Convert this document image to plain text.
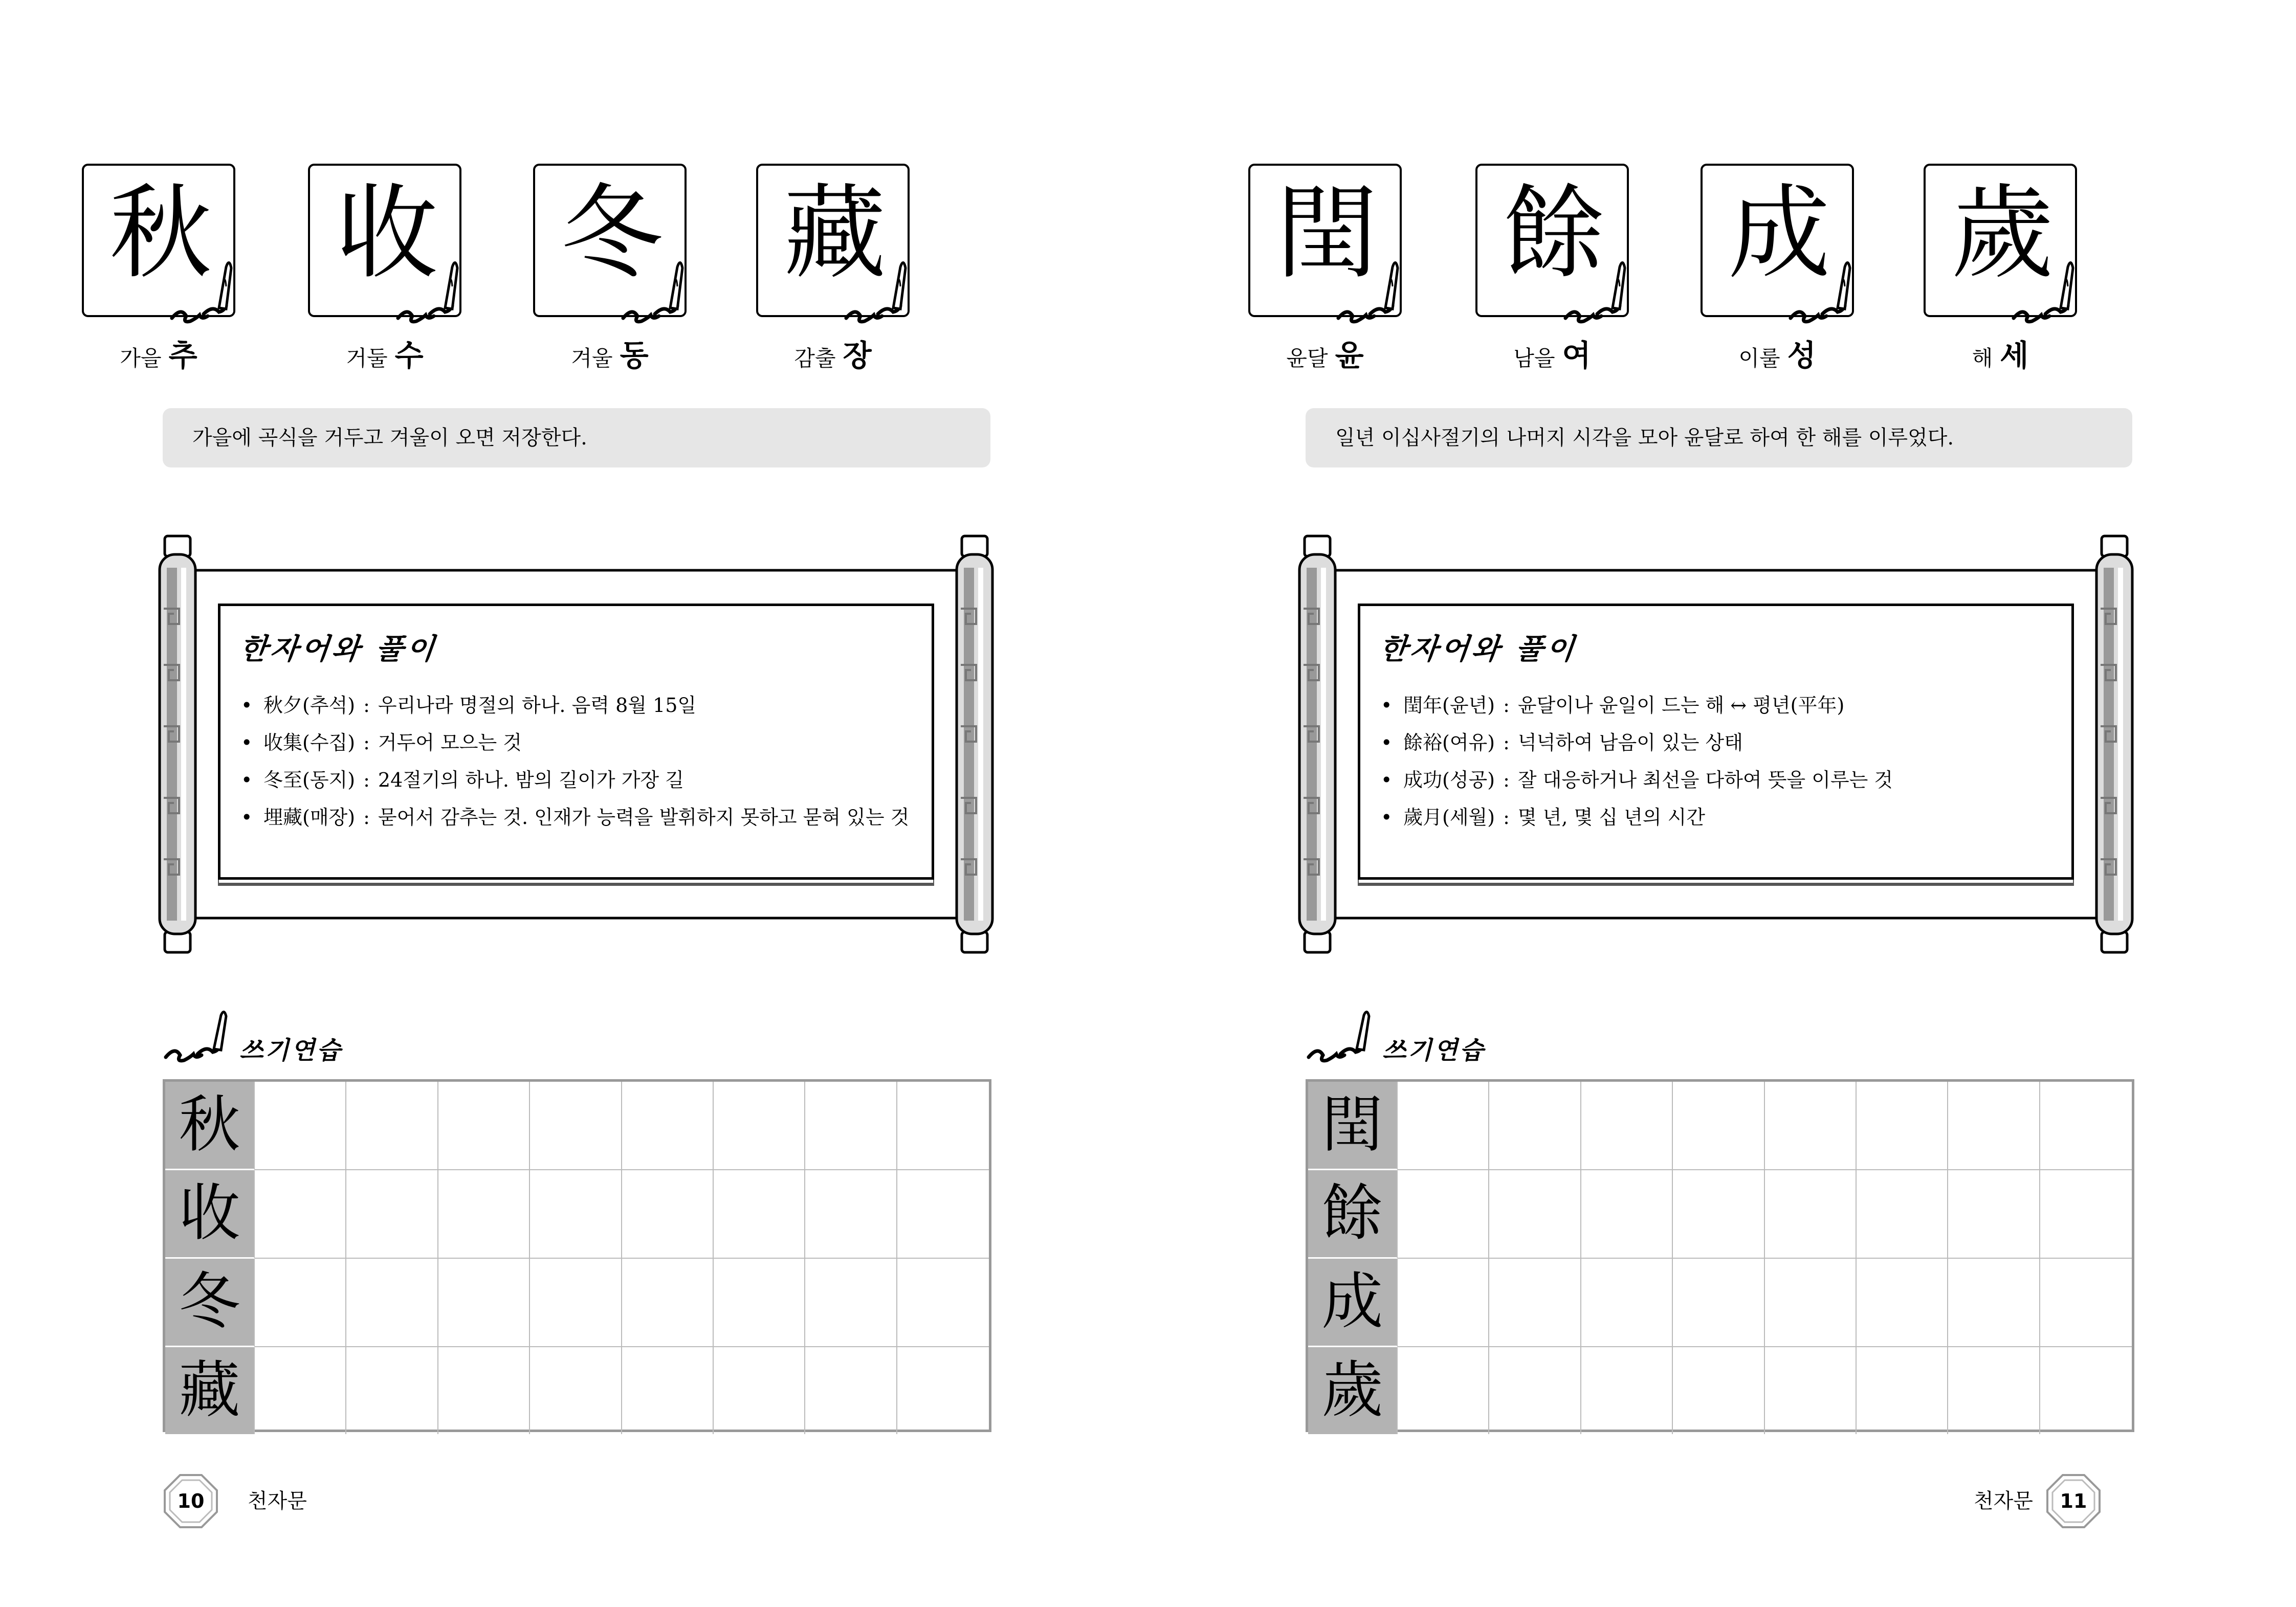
秋
가을 추
收
거둘 수
冬
겨울 동
藏
감출 장
가을에 곡식을 거두고 겨울이 오면 저장한다.
한자어와 풀이
• 秋夕(추석) : 우리나라 명절의 하나. 음력 8월 15일
• 收集(수집) : 거두어 모으는 것
• 冬至(동지) : 24절기의 하나. 밤의 길이가 가장 길
• 埋藏(매장) : 묻어서 감추는 것. 인재가 능력을 발휘하지 못하고 묻혀 있는 것
쓰기연습
秋
收
冬
藏
10	천자문
閏
윤달 윤
餘
남을 여
成
이룰 성
歲
해 세
일년 이십사절기의 나머지 시각을 모아 윤달로 하여 한 해를 이루었다.
한자어와 풀이
• 閏年(윤년) : 윤달이나 윤일이 드는 해 ↔ 평년(平年)
• 餘裕(여유) : 넉넉하여 남음이 있는 상태
• 成功(성공) : 잘 대응하거나 최선을 다하여 뜻을 이루는 것
• 歲月(세월) : 몇 년, 몇 십 년의 시간
쓰기연습
閏
餘
成
歲
천자문	11
